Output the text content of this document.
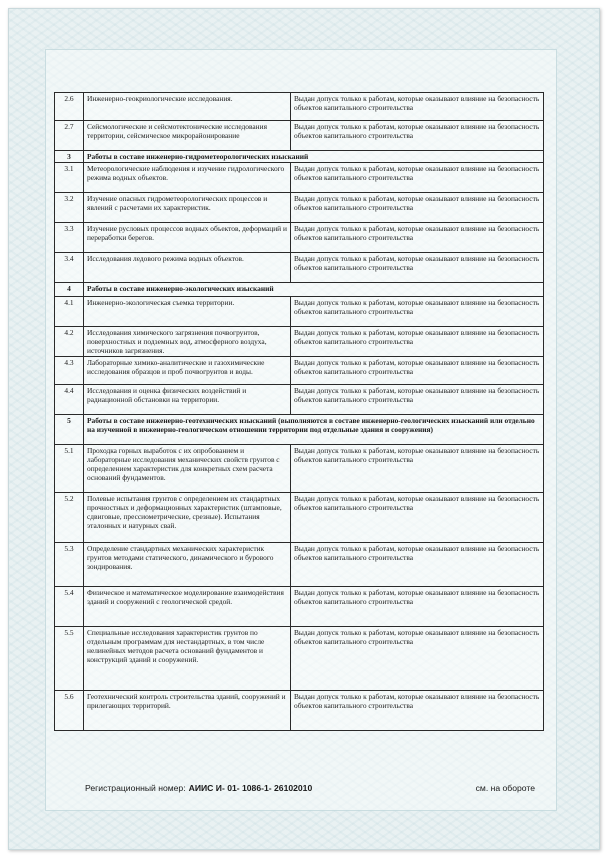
2.6	Инженерно-геокриологические исследования.	Выдан допуск только к работам, которые оказывают влияние на безопасность объектов капитального строительства
2.7	Сейсмологические и сейсмотектонические исследования территории, сейсмическое микрорайонирование	Выдан допуск только к работам, которые оказывают влияние на безопасность объектов капитального строительства
3	Работы в составе инженерно-гидрометеорологических изысканий	
3.1	Метеорологические наблюдения и изучение гидрологического режима водных объектов.	Выдан допуск только к работам, которые оказывают влияние на безопасность объектов капитального строительства
3.2	Изучение опасных гидрометеорологических процессов и явлений с расчетами их характеристик.	Выдан допуск только к работам, которые оказывают влияние на безопасность объектов капитального строительства
3.3	Изучение русловых процессов водных объектов, деформаций и переработки берегов.	Выдан допуск только к работам, которые оказывают влияние на безопасность объектов капитального строительства
3.4	Исследования ледового режима водных объектов.	Выдан допуск только к работам, которые оказывают влияние на безопасность объектов капитального строительства
4	Работы в составе инженерно-экологических изысканий	
4.1	Инженерно-экологическая съемка территории.	Выдан допуск только к работам, которые оказывают влияние на безопасность объектов капитального строительства
4.2	Исследования химического загрязнения почвогрунтов, поверхностных и подземных вод, атмосферного воздуха, источников загрязнения.	Выдан допуск только к работам, которые оказывают влияние на безопасность объектов капитального строительства
4.3	Лабораторные химико-аналитические и газохимические исследования образцов и проб почвогрунтов и воды.	Выдан допуск только к работам, которые оказывают влияние на безопасность объектов капитального строительства
4.4	Исследования и оценка физических воздействий и радиационной обстановки на территории.	Выдан допуск только к работам, которые оказывают влияние на безопасность объектов капитального строительства
5	Работы в составе инженерно-геотехнических изысканий (выполняются в составе инженерно-геологических изысканий или отдельно на изученной в инженерно-геологическом отношении территории под отдельные здания и сооружения)	
5.1	Проходка горных выработок с их опробованием и лабораторные исследования механических свойств грунтов с определением характеристик для конкретных схем расчета оснований фундаментов.	Выдан допуск только к работам, которые оказывают влияние на безопасность объектов капитального строительства
5.2	Полевые испытания грунтов с определением их стандартных прочностных и деформационных характеристик (штамповые, сдвиговые, прессиометрические, срезные). Испытания эталонных и натурных свай.	Выдан допуск только к работам, которые оказывают влияние на безопасность объектов капитального строительства
5.3	Определение стандартных механических характеристик грунтов методами статического, динамического и бурового зондирования.	Выдан допуск только к работам, которые оказывают влияние на безопасность объектов капитального строительства
5.4	Физическое и математическое моделирование взаимодействия зданий и сооружений с геологической средой.	Выдан допуск только к работам, которые оказывают влияние на безопасность объектов капитального строительства
5.5	Специальные исследования характеристик грунтов по отдельным программам для нестандартных, в том числе нелинейных методов расчета оснований фундаментов и конструкций зданий и сооружений.	Выдан допуск только к работам, которые оказывают влияние на безопасность объектов капитального строительства
5.6	Геотехнический контроль строительства зданий, сооружений и прилегающих территорий.	Выдан допуск только к работам, которые оказывают влияние на безопасность объектов капитального строительства
Регистрационный номер: АИИС И- 01- 1086-1- 26102010	см. на обороте
